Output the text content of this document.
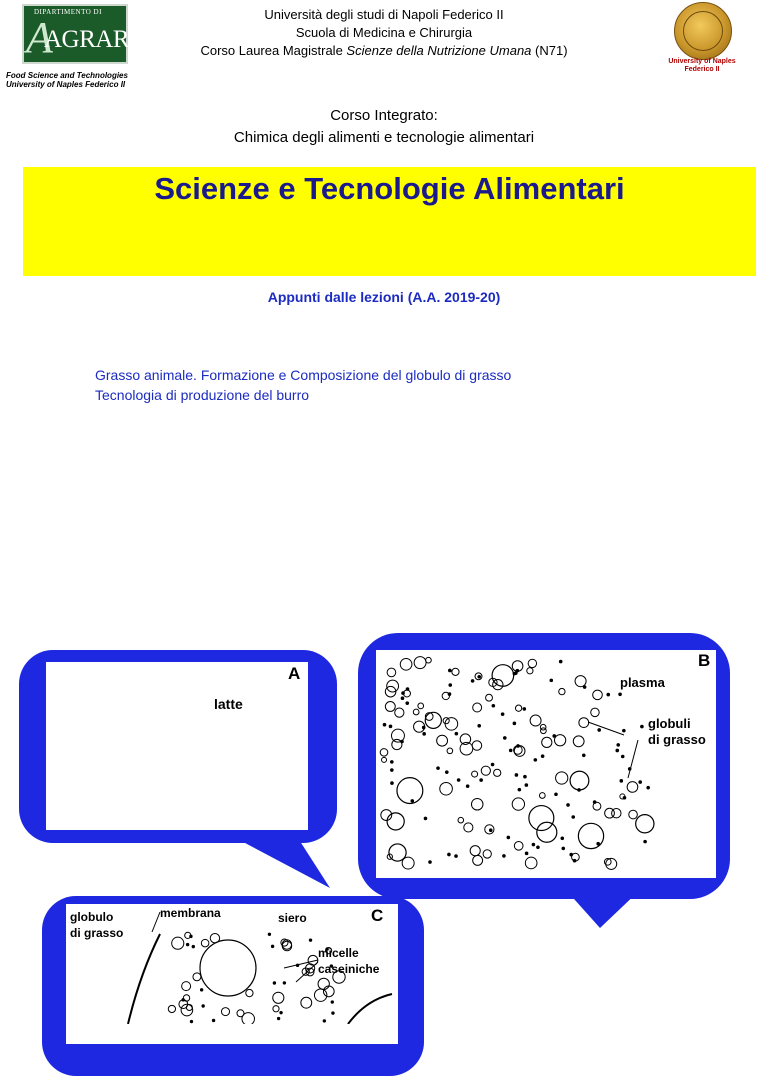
A
DIPARTIMENTO DI
AGRARIA
Food Science and Technologies University of Naples Federico II
University of Naples Federico II
Università degli studi di Napoli Federico II
Scuola di Medicina e Chirurgia
Corso Laurea Magistrale Scienze della Nutrizione Umana (N71)
Corso Integrato:
Chimica degli alimenti e tecnologie alimentari
Scienze e Tecnologie Alimentari
Appunti dalle lezioni (A.A. 2019-20)
Grasso animale. Formazione e Composizione del globulo di grasso
Tecnologia di produzione del burro
A
latte
B
plasma
globuli
di grasso
C
globulo
di grasso
membrana	siero
micelle
caseiniche
